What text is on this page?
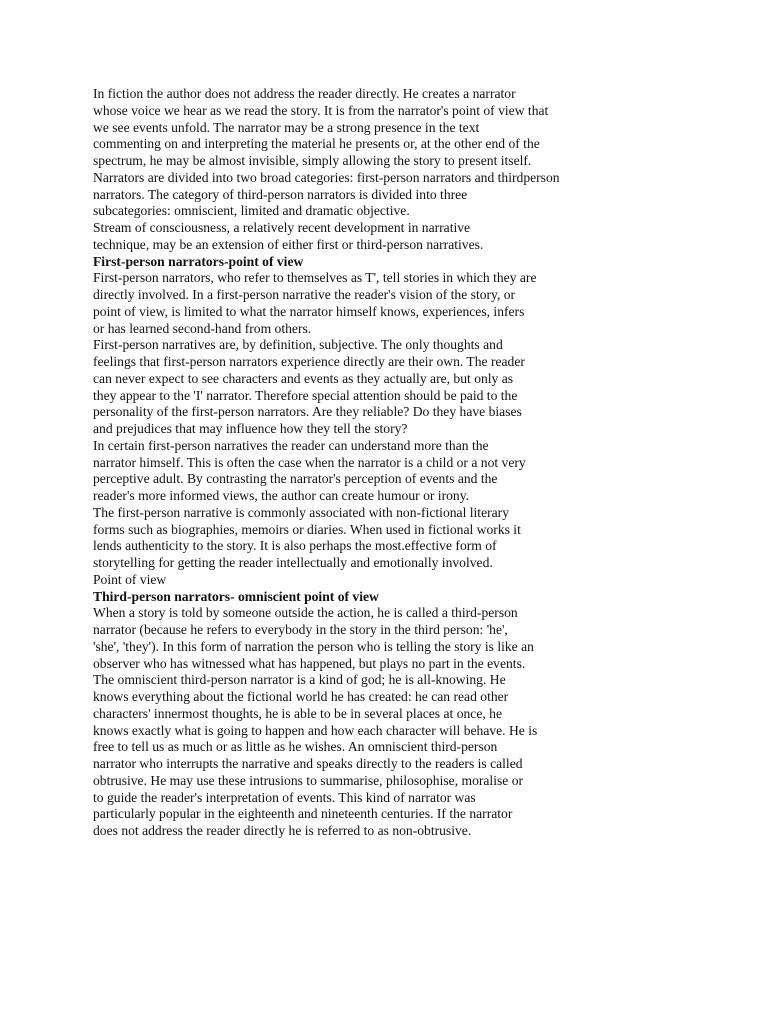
In fiction the author does not address the reader directly. He creates a narrator
whose voice we hear as we read the story. It is from the narrator's point of view that
we see events unfold. The narrator may be a strong presence in the text
commenting on and interpreting the material he presents or, at the other end of the
spectrum, he may be almost invisible, simply allowing the story to present itself.
Narrators are divided into two broad categories: first-person narrators and thirdperson
narrators. The category of third-person narrators is divided into three
subcategories: omniscient, limited and dramatic objective.
Stream of consciousness, a relatively recent development in narrative
technique, may be an extension of either first or third-person narratives.
First-person narrators-point of view
First-person narrators, who refer to themselves as T', tell stories in which they are
directly involved. In a first-person narrative the reader's vision of the story, or
point of view, is limited to what the narrator himself knows, experiences, infers
or has learned second-hand from others.
First-person narratives are, by definition, subjective. The only thoughts and
feelings that first-person narrators experience directly are their own. The reader
can never expect to see characters and events as they actually are, but only as
they appear to the 'I' narrator. Therefore special attention should be paid to the
personality of the first-person narrators. Are they reliable? Do they have biases
and prejudices that may influence how they tell the story?
In certain first-person narratives the reader can understand more than the
narrator himself. This is often the case when the narrator is a child or a not very
perceptive adult. By contrasting the narrator's perception of events and the
reader's more informed views, the author can create humour or irony.
The first-person narrative is commonly associated with non-fictional literary
forms such as biographies, memoirs or diaries. When used in fictional works it
lends authenticity to the story. It is also perhaps the most.effective form of
storytelling for getting the reader intellectually and emotionally involved.
Point of view
Third-person narrators- omniscient point of view
When a story is told by someone outside the action, he is called a third-person
narrator (because he refers to everybody in the story in the third person: 'he',
'she', 'they'). In this form of narration the person who is telling the story is like an
observer who has witnessed what has happened, but plays no part in the events.
The omniscient third-person narrator is a kind of god; he is all-knowing. He
knows everything about the fictional world he has created: he can read other
characters' innermost thoughts, he is able to be in several places at once, he
knows exactly what is going to happen and how each character will behave. He is
free to tell us as much or as little as he wishes. An omniscient third-person
narrator who interrupts the narrative and speaks directly to the readers is called
obtrusive. He may use these intrusions to summarise, philosophise, moralise or
to guide the reader's interpretation of events. This kind of narrator was
particularly popular in the eighteenth and nineteenth centuries. If the narrator
does not address the reader directly he is referred to as non-obtrusive.
